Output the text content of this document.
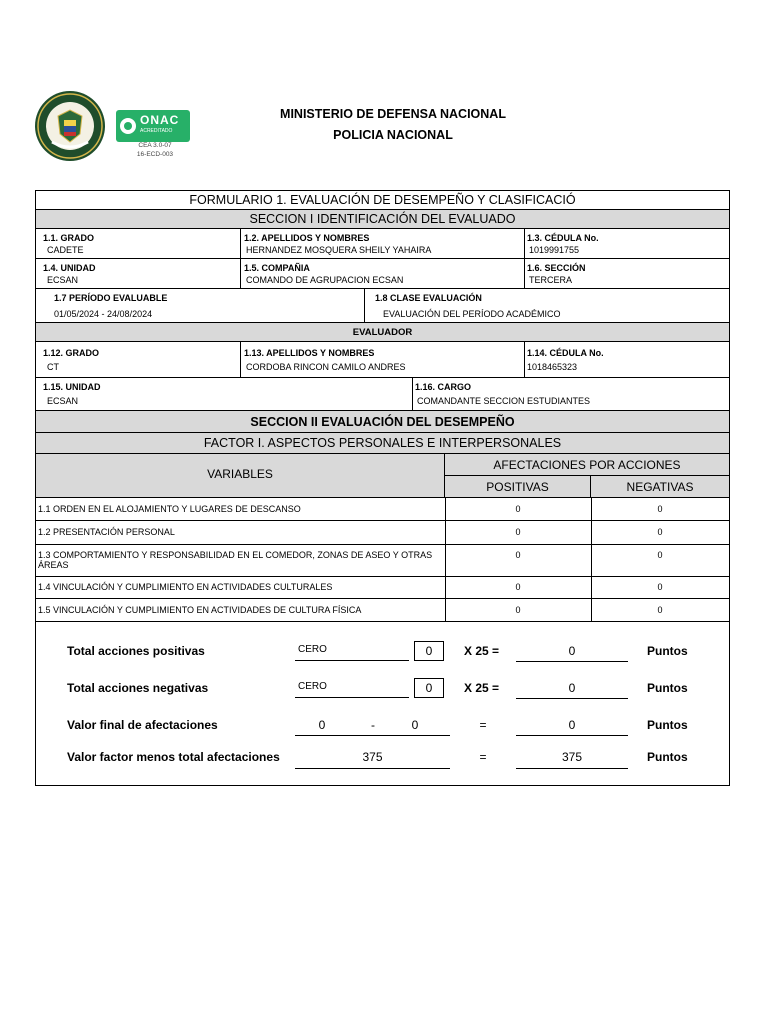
ONAC
ACREDITADO
CEA 3.0-07
16-ECD-003
MINISTERIO DE DEFENSA NACIONAL
POLICIA NACIONAL
FORMULARIO 1. EVALUACIÓN DE DESEMPEÑO Y CLASIFICACIÓ
SECCION I IDENTIFICACIÓN DEL EVALUADO
1.1. GRADO
CADETE
1.2. APELLIDOS Y NOMBRES
HERNANDEZ MOSQUERA SHEILY YAHAIRA
1.3. CÉDULA No.
1019991755
1.4. UNIDAD
ECSAN
1.5. COMPAÑIA
COMANDO DE AGRUPACION ECSAN
1.6. SECCIÓN
TERCERA
1.7 PERÍODO EVALUABLE
01/05/2024 - 24/08/2024
1.8 CLASE EVALUACIÓN
EVALUACIÓN DEL PERÍODO ACADÉMICO
EVALUADOR
1.12. GRADO
CT
1.13. APELLIDOS Y NOMBRES
CORDOBA RINCON CAMILO ANDRES
1.14. CÉDULA No.
1018465323
1.15. UNIDAD
ECSAN
1.16. CARGO
COMANDANTE SECCION ESTUDIANTES
SECCION II EVALUACIÓN DEL DESEMPEÑO
FACTOR I. ASPECTOS PERSONALES E INTERPERSONALES
VARIABLES
AFECTACIONES POR ACCIONES
POSITIVAS	NEGATIVAS
1.1 ORDEN EN EL ALOJAMIENTO Y LUGARES DE DESCANSO	0	0
1.2 PRESENTACIÓN PERSONAL	0	0
1.3 COMPORTAMIENTO Y RESPONSABILIDAD EN EL COMEDOR, ZONAS DE ASEO Y OTRAS ÁREAS
0	0
1.4 VINCULACIÓN Y CUMPLIMIENTO EN ACTIVIDADES CULTURALES	0	0
1.5 VINCULACIÓN Y CUMPLIMIENTO EN ACTIVIDADES DE CULTURA FÍSICA	0	0
Total acciones positivas	CERO	0	X 25 =	0	Puntos
Total acciones negativas	CERO	0	X 25 =	0	Puntos
Valor final de afectaciones	0	-	0	=	0	Puntos
Valor factor menos total afectaciones	375	=	375	Puntos
